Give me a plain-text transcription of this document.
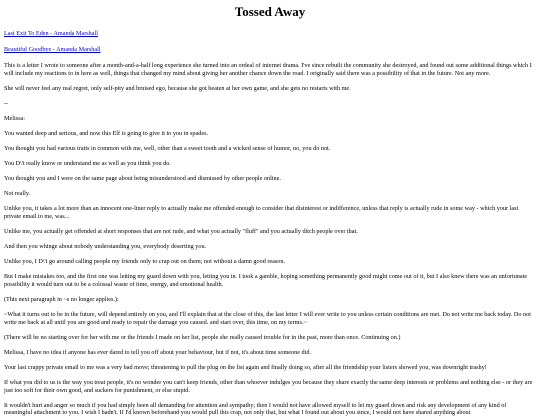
Tossed Away
Last Exit To Eden - Amanda Marshall
Beautiful Goodbye - Amanda Marshall

This is a letter I wrote to someone after a month-and-a-half long experience she turned into an ordeal of internet drama. I've since rebuilt the community she destroyed, and found out some additional things which I will include my reactions to in here as well, things that changed my mind about giving her another chance down the road. I originally said there was a possibility of that in the future. Not any more.

She will never feel any real regret, only self-pity and bruised ego, because she got beaten at her own game, and she gets no restarts with me.

--

Melissa:

You wanted deep and serious, and now this Elf is going to give it to you in spades.

You thought you had various traits in common with me, well, other than a sweet tooth and a wicked sense of humor, no, you do not.

You D\'t really know or understand me as well as you think you do.

You thought you and I were on the same page about being misunderstood and dismissed by other people online.

Not really.

Unlike you, it takes a lot more than an innocent one-liner reply to actually make me offended enough to consider that disinterest or indifference, unless that reply is actually rude in some way - which your last private email to me, was...

Unlike me, you actually get offended at short responses that are not rude, and what you actually "fluff" and you actually ditch people over that.

And then you whinge about nobody understanding you, everybody deserting you.

Unlike you, I D\'t go around calling people my friends only to crap out on them; not without a damn good reason.

But I make mistakes too, and the first one was letting my guard down with you, letting you in. I took a gamble, hoping something permanently good might come out of it, but I also knew there was an unfortunate possibility it would turn out to be a colossal waste of time, energy, and emotional health.

(This next paragraph in ~s no longer applies.):

~What it turns out to be in the future, will depend entirely on you, and I'll explain that at the close of this, the last letter I will ever write to you unless certain conditions are met. Do not write me back today. Do not write me back at all until you are good and ready to repair the damage you caused. and start over, this time, on my terms.~

(There will be no starting over for her with me or the friends I made on her list, people she really caused trouble for in the past, more than once. Continuing on.)

Melissa, I have no idea if anyone has ever dared to tell you off about your behaviour, but if not, it's about time someone did.

Your last crappy private email to me was a very bad move; threatening to pull the plug on the list again and finally doing so, after all the friendship your listers showed you, was downright trashy!

If what you did to us is the way you treat people, it's no wonder you can't keep friends, other than whoever indulges you because they share exactly the same deep interests or problems and nothing else - or they are just too soft for their own good, and suckers for punishment, or else stupid.

It wouldn't hurt and anger so much if you had simply been all demanding for attention and sympathy; then I would not have allowed myself to let my guard down and risk any development of any kind of meaningful attachment to you. I wish I hadn't. If I'd known beforehand you would pull this crap, not only that, but what I found out about you since, I would not have shared anything about
